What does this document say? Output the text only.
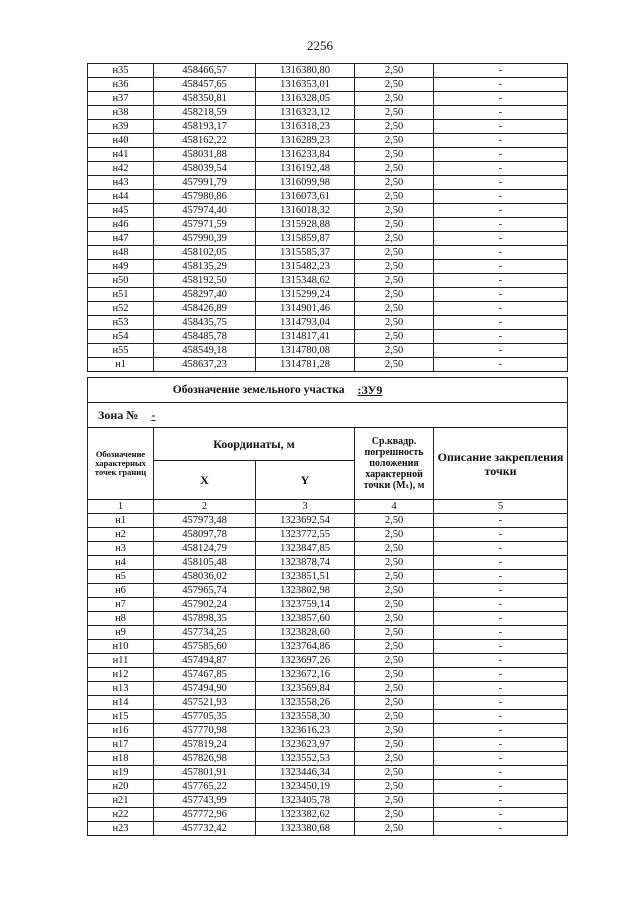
2256
н35	458466,57	1316380,80	2,50	-
н36	458457,65	1316353,01	2,50	-
н37	458350,81	1316328,05	2,50	-
н38	458218,59	1316323,12	2,50	-
н39	458193,17	1316318,23	2,50	-
н40	458162,22	1316289,23	2,50	-
н41	458031,88	1316233,84	2,50	-
н42	458039,54	1316192,48	2,50	-
н43	457991,79	1316099,98	2,50	-
н44	457980,86	1316073,61	2,50	-
н45	457974,40	1316018,32	2,50	-
н46	457971,59	1315928,88	2,50	-
н47	457990,39	1315859,87	2,50	-
н48	458102,05	1315585,37	2,50	-
н49	458135,29	1315482,23	2,50	-
н50	458192,50	1315348,62	2,50	-
н51	458297,40	1315299,24	2,50	-
н52	458426,89	1314901,46	2,50	-
н53	458435,75	1314793,04	2,50	-
н54	458485,78	1314817,41	2,50	-
н55	458549,18	1314780,08	2,50	-
н1	458637,23	1314781,28	2,50	-
Обозначение земельного участка			:ЗУ9	
Зона № -				
Обозначение характерных точек границ	Координаты, м		Ср.квадр. погрешность положения характерной точки (Mₜ), м	Описание закрепления точки
	X	Y		
1	2	3	4	5
н1	457973,48	1323692,54	2,50	-
н2	458097,78	1323772,55	2,50	-
н3	458124,79	1323847,85	2,50	-
н4	458105,48	1323878,74	2,50	-
н5	458036,02	1323851,51	2,50	-
н6	457965,74	1323802,98	2,50	-
н7	457902,24	1323759,14	2,50	-
н8	457898,35	1323857,60	2,50	-
н9	457734,25	1323828,60	2,50	-
н10	457585,60	1323764,86	2,50	-
н11	457494,87	1323697,26	2,50	-
н12	457467,85	1323672,16	2,50	-
н13	457494,90	1323569,84	2,50	-
н14	457521,93	1323558,26	2,50	-
н15	457705,35	1323558,30	2,50	-
н16	457770,98	1323616,23	2,50	-
н17	457819,24	1323623,97	2,50	-
н18	457826,98	1323552,53	2,50	-
н19	457801,91	1323446,34	2,50	-
н20	457765,22	1323450,19	2,50	-
н21	457743,99	1323405,78	2,50	-
н22	457772,96	1323382,62	2,50	-
н23	457732,42	1323380,68	2,50	-
